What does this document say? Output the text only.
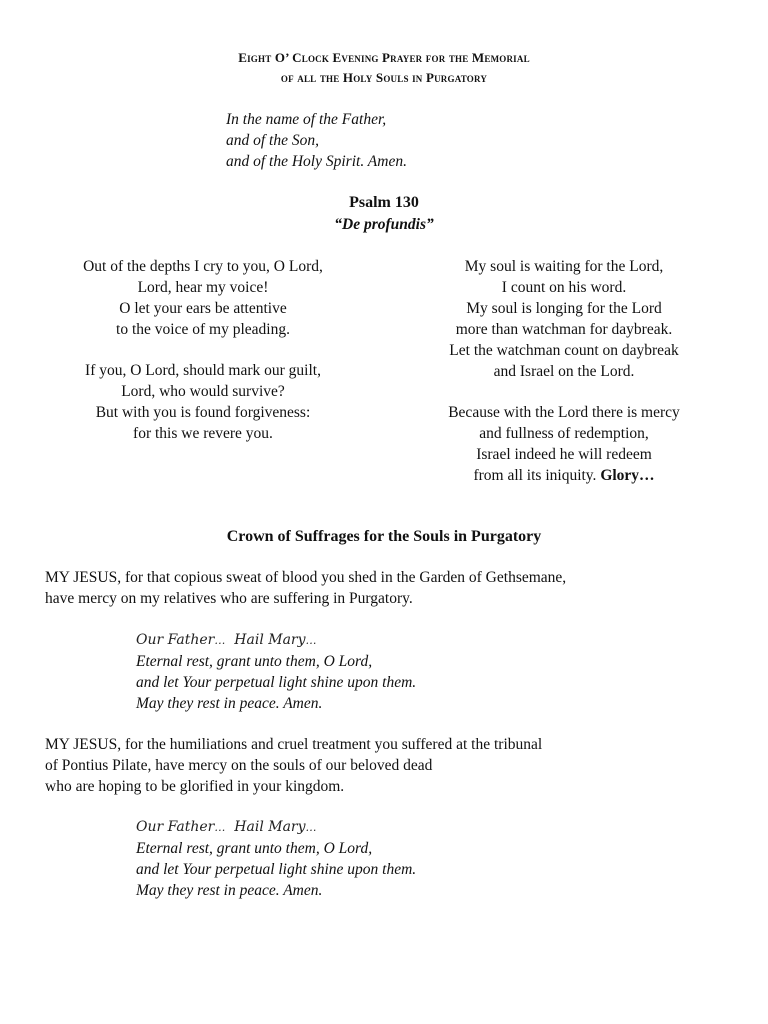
Eight O’ Clock Evening Prayer for the Memorial
of all the Holy Souls in Purgatory
In the name of the Father,
and of the Son,
and of the Holy Spirit. Amen.
Psalm 130
“De profundis”
Out of the depths I cry to you, O Lord,
Lord, hear my voice!
O let your ears be attentive
to the voice of my pleading.
If you, O Lord, should mark our guilt,
Lord, who would survive?
But with you is found forgiveness:
for this we revere you.
My soul is waiting for the Lord,
I count on his word.
My soul is longing for the Lord
more than watchman for daybreak.
Let the watchman count on daybreak
and Israel on the Lord.
Because with the Lord there is mercy
and fullness of redemption,
Israel indeed he will redeem
from all its iniquity. Glory…
Crown of Suffrages for the Souls in Purgatory
MY JESUS, for that copious sweat of blood you shed in the Garden of Gethsemane,
have mercy on my relatives who are suffering in Purgatory.
Our Father… Hail Mary…
Eternal rest, grant unto them, O Lord,
and let Your perpetual light shine upon them.
May they rest in peace. Amen.
MY JESUS, for the humiliations and cruel treatment you suffered at the tribunal
of Pontius Pilate, have mercy on the souls of our beloved dead
who are hoping to be glorified in your kingdom.
Our Father… Hail Mary…
Eternal rest, grant unto them, O Lord,
and let Your perpetual light shine upon them.
May they rest in peace. Amen.
